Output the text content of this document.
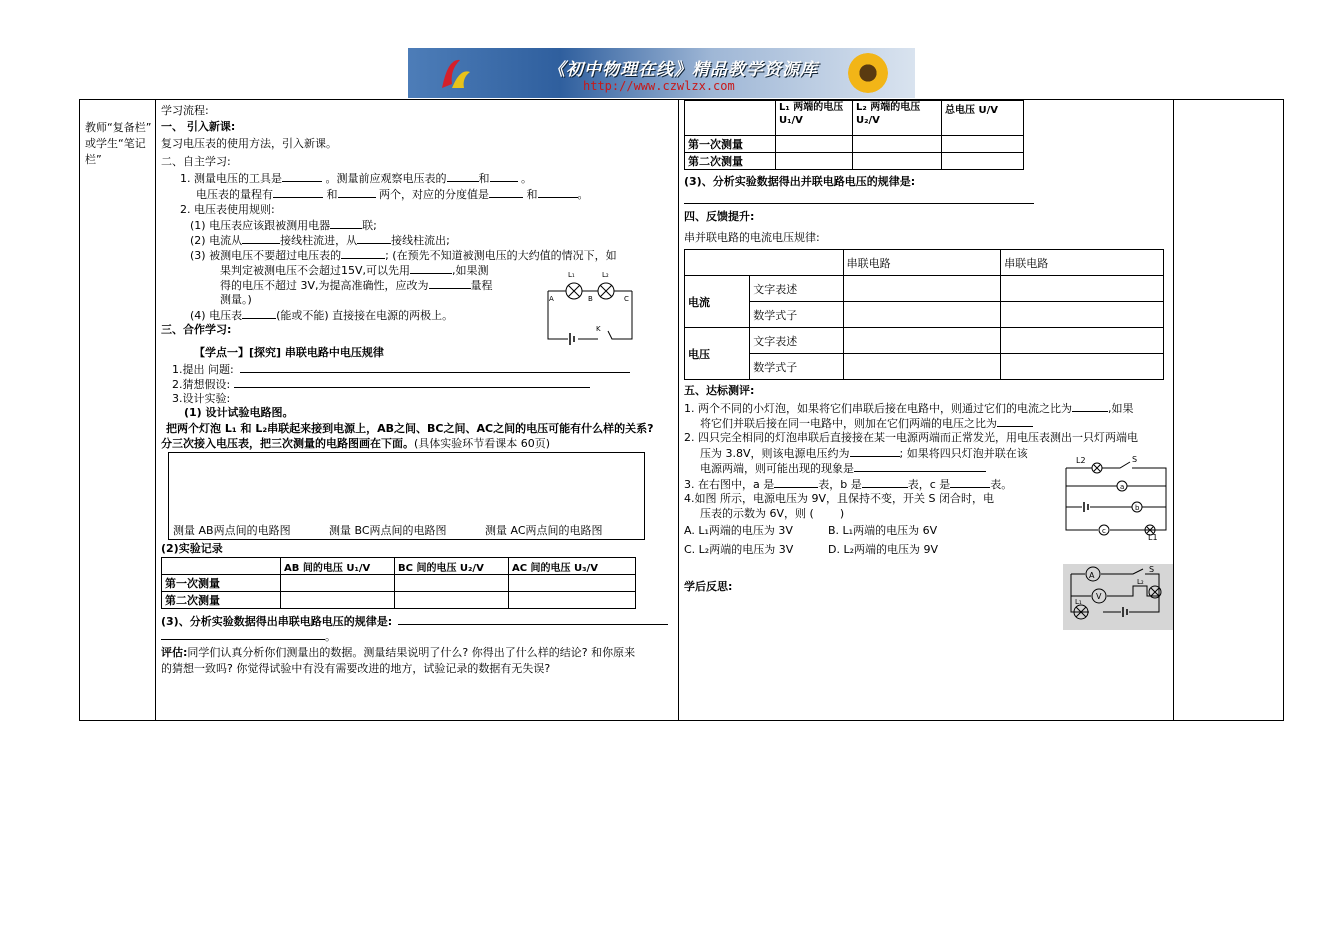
《初中物理在线》精品教学资源库
http://www.czwlzx.com
教师“复备栏”
或学生“笔记
栏”
学习流程:
一、 引入新课:
复习电压表的使用方法，引入新课。
二、自主学习:
1. 测量电压的工具是	。测量前应观察电压表的	和	。
电压表的量程有	和	两个，对应的分度值是	和	。
2. 电压表使用规则:
(1) 电压表应该跟被测用电器	联;
(2) 电流从	接线柱流进，从	接线柱流出;
(3) 被测电压不要超过电压表的	; (在预先不知道被测电压的大约值的情况下，如
果判定被测电压不会超过15V,可以先用	,如果测
得的电压不超过 3V,为提高准确性，应改为	量程
测量。)
(4) 电压表	(能或不能) 直接接在电源的两极上。
L₁	L₂
A	B	C
K
三、合作学习:
【学点一】[探究] 串联电路中电压规律
1.提出 问题:
2.猜想假设:
3.设计实验:
(1) 设计试验电路图。
把两个灯泡 L₁ 和 L₂串联起来接到电源上，AB之间、BC之间、AC之间的电压可能有什么样的关系?
分三次接入电压表，把三次测量的电路图画在下面。(具体实验环节看课本 60页)
测量 AB两点间的电路图	测量 BC两点间的电路图	测量 AC两点间的电路图
(2)实验记录
	AB 间的电压 U₁/V	BC 间的电压 U₂/V	AC 间的电压 U₃/V
第一次测量			
第二次测量			
(3)、分析实验数据得出串联电路电压的规律是:
。
评估:同学们认真分析你们测量出的数据。测量结果说明了什么? 你得出了什么样的结论? 和你原来
的猜想一致吗? 你觉得试验中有没有需要改进的地方，试验记录的数据有无失误?
	L₁ 两端的电压 U₁/V	L₂ 两端的电压 U₂/V	总电压 U/V
第一次测量			
第二次测量			
(3)、分析实验数据得出并联电路电压的规律是:
四、反馈提升:
串并联电路的电流电压规律:
		串联电路	串联电路
电流	文字表述		
	数学式子		
电压	文字表述		
	数学式子		
五、达标测评:
1. 两个不同的小灯泡，如果将它们串联后接在电路中，则通过它们的电流之比为	,如果
将它们并联后接在同一电路中，则加在它们两端的电压之比为
2. 四只完全相同的灯泡串联后直接接在某一电源两端而正常发光，用电压表测出一只灯两端电
压为 3.8V，则该电源电压约为	; 如果将四只灯泡并联在该
电源两端，则可能出现的现象是
3. 在右图中，a 是	表，b 是	表，c 是	表。
4.如图 所示，电源电压为 9V，且保持不变，开关 S 闭合时，电
压表的示数为 6V，则 ( )
A. L₁两端的电压为 3V	B. L₁两端的电压为 6V
C. L₂两端的电压为 3V	D. L₂两端的电压为 9V
L2	S
a
b
c
L1
A
V
S
L₁
L₂
学后反思:
